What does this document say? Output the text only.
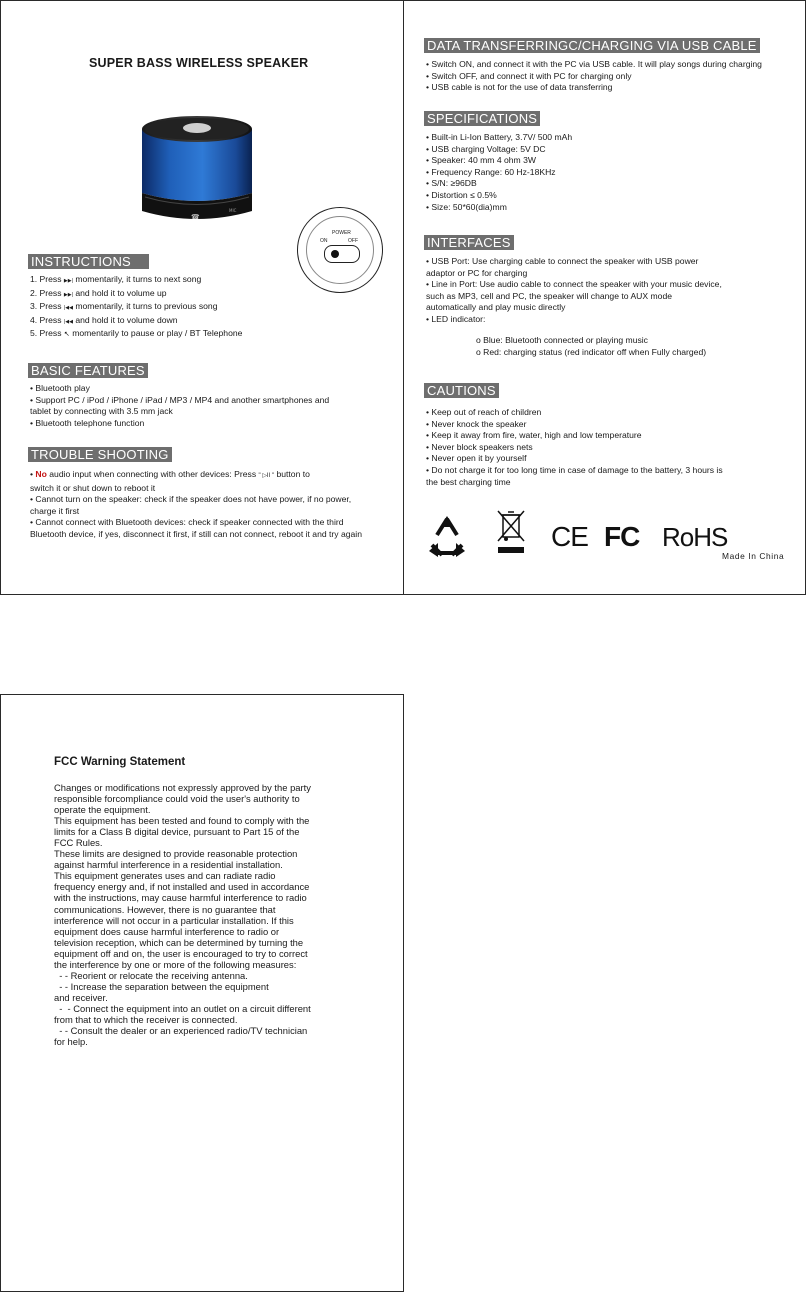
SUPER BASS WIRELESS SPEAKER
☎
MIC
POWER
ON	OFF
INSTRUCTIONS
1. Press ▶▶| momentarily, it turns to next song
2. Press ▶▶| and hold it to volume up
3. Press |◀◀ momentarily, it turns to previous song
4. Press |◀◀ and hold it to volume down
5. Press ↖ momentarily to pause or play / BT Telephone
BASIC FEATURES
• Bluetooth play
• Support PC / iPod / iPhone / iPad / MP3 / MP4 and another smartphones and
tablet by connecting with 3.5 mm jack
• Bluetooth telephone function
TROUBLE SHOOTING
• No audio input when connecting with other devices: Press " ▷II " button to
switch it or shut down to reboot it
• Cannot turn on the speaker: check if the speaker does not have power, if no power,
charge it first
• Cannot connect with Bluetooth devices: check if speaker connected with the third
Bluetooth device, if yes, disconnect it first, if still can not connect, reboot it and try again
DATA TRANSFERRINGC/CHARGING VIA USB CABLE
• Switch ON, and connect it with the PC via USB cable. It will play songs during charging
• Switch OFF, and connect it with PC for charging only
• USB cable is not for the use of data transferring
SPECIFICATIONS
• Built-in Li-Ion Battery, 3.7V/ 500 mAh
• USB charging Voltage: 5V DC
• Speaker: 40 mm 4 ohm 3W
• Frequency Range: 60 Hz-18KHz
• S/N: ≥96DB
• Distortion ≤ 0.5%
• Size: 50*60(dia)mm
INTERFACES
• USB Port: Use charging cable to connect the speaker with USB power
adaptor or PC for charging
• Line in Port: Use audio cable to connect the speaker with your music device,
such as MP3, cell and PC, the speaker will change to AUX mode
automatically and play music directly
• LED indicator:
o Blue: Bluetooth connected or playing music
o Red: charging status (red indicator off when Fully charged)
CAUTIONS
• Keep out of reach of children
• Never knock the speaker
• Keep it away from fire, water, high and low temperature
• Never block speakers nets
• Never open it by yourself
• Do not charge it for too long time in case of damage to the battery, 3 hours is
the best charging time
CE FC RoHS
Made In China
FCC Warning Statement
Changes or modifications not expressly approved by the party
responsible forcompliance could void the user's authority to
operate the equipment.
This equipment has been tested and found to comply with the
limits for a Class B digital device, pursuant to Part 15 of the
FCC Rules.
These limits are designed to provide reasonable protection
against harmful interference in a residential installation.
This equipment generates uses and can radiate radio
frequency energy and, if not installed and used in accordance
with the instructions, may cause harmful interference to radio
communications. However, there is no guarantee that
interference will not occur in a particular installation. If this
equipment does cause harmful interference to radio or
television reception, which can be determined by turning the
equipment off and on, the user is encouraged to try to correct
the interference by one or more of the following measures:
- - Reorient or relocate the receiving antenna.
- - Increase the separation between the equipment
and receiver.
-  - Connect the equipment into an outlet on a circuit different
from that to which the receiver is connected.
- - Consult the dealer or an experienced radio/TV technician
for help.
